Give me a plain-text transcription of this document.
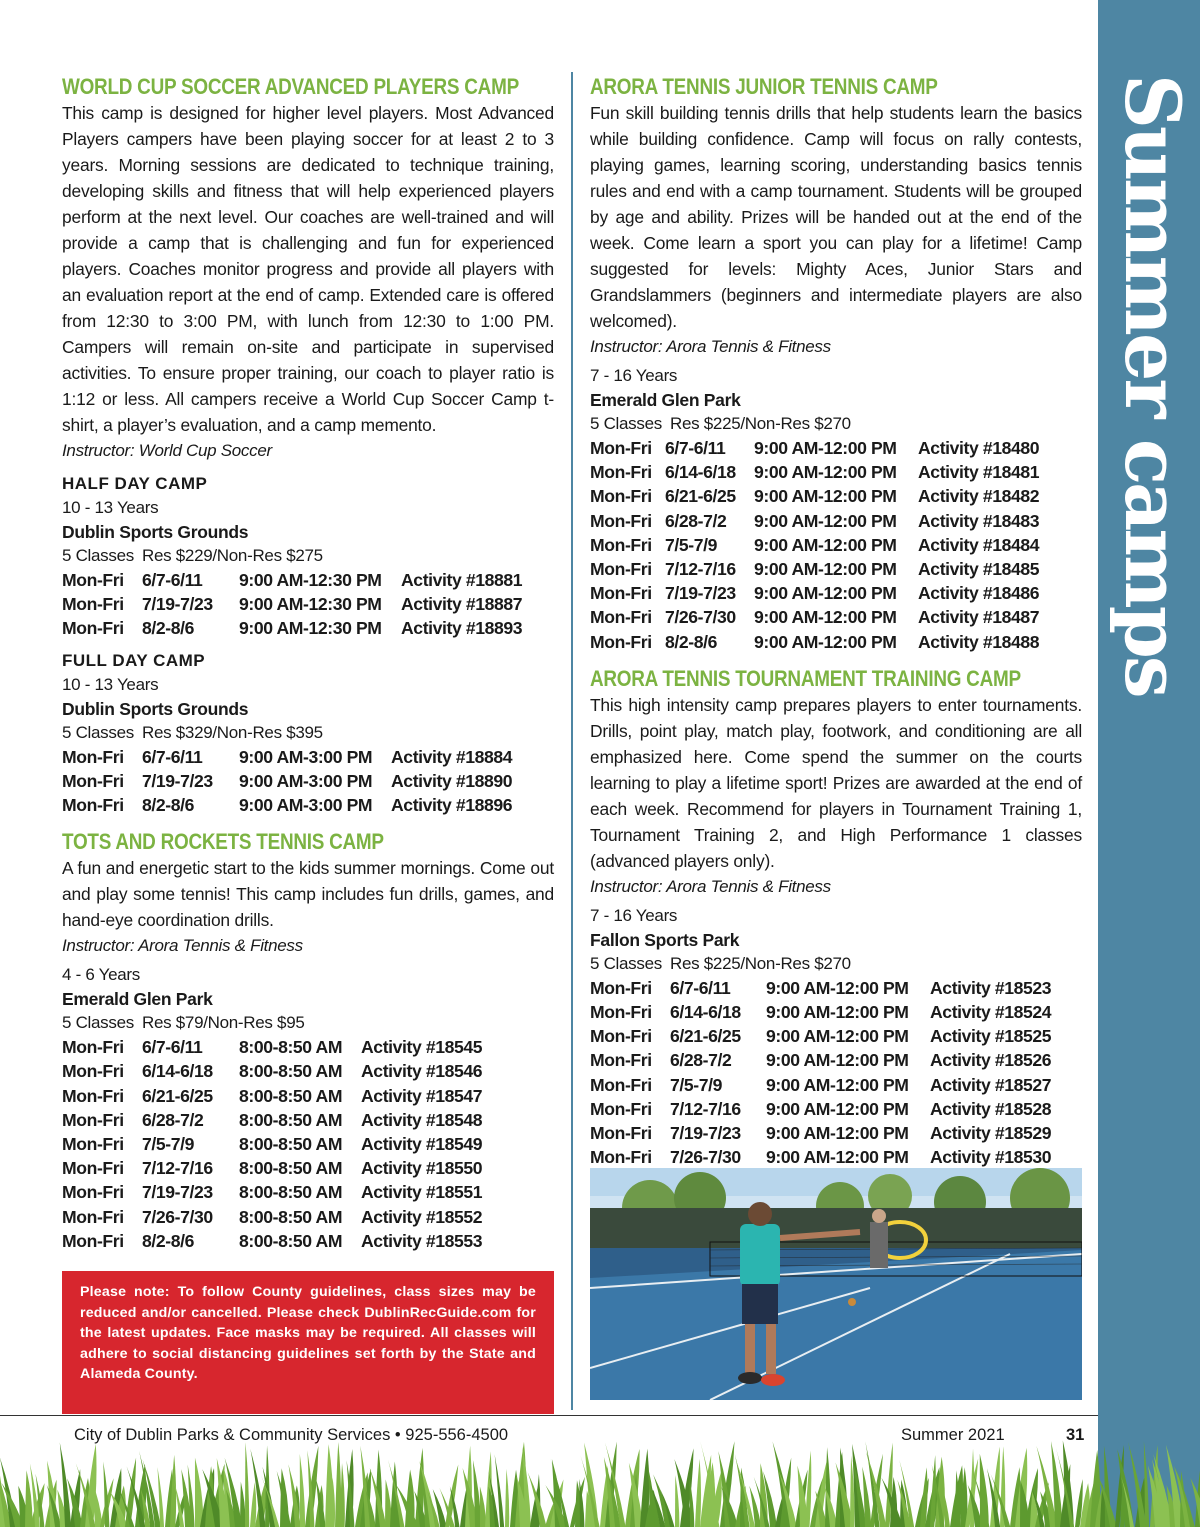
Summer camps
WORLD CUP SOCCER ADVANCED PLAYERS CAMP

This camp is designed for higher level players. Most Advanced Players campers have been playing soccer for at least 2 to 3 years. Morning sessions are dedicated to technique training, developing skills and fitness that will help experienced players perform at the next level. Our coaches are well-trained and will provide a camp that is challenging and fun for experienced players. Coaches monitor progress and provide all players with an evaluation report at the end of camp. Extended care is offered from 12:30 to 3:00 PM, with lunch from 12:30 to 1:00 PM. Campers will remain on-site and participate in supervised activities. To ensure proper training, our coach to player ratio is 1:12 or less. All campers receive a World Cup Soccer Camp t-shirt, a player’s evaluation, and a camp memento.

Instructor: World Cup Soccer

HALF DAY CAMP
10 - 13 Years
Dublin Sports Grounds
5 Classes Res $229/Non-Res $275
Mon-Fri 6/7-6/11 9:00 AM-12:30 PM Activity #18881
Mon-Fri 7/19-7/23 9:00 AM-12:30 PM Activity #18887
Mon-Fri 8/2-8/6	9:00 AM-12:30 PM Activity #18893
FULL DAY CAMP
10 - 13 Years
Dublin Sports Grounds
5 Classes Res $329/Non-Res $395
Mon-Fri 6/7-6/11 9:00 AM-3:00 PM Activity #18884
Mon-Fri 7/19-7/23 9:00 AM-3:00 PM Activity #18890
Mon-Fri 8/2-8/6	9:00 AM-3:00 PM Activity #18896
TOTS AND ROCKETS TENNIS CAMP

A fun and energetic start to the kids summer mornings. Come out and play some tennis! This camp includes fun drills, games, and hand-eye coordination drills.

Instructor: Arora Tennis & Fitness

4 - 6 Years
Emerald Glen Park
5 Classes Res $79/Non-Res $95
Mon-Fri 6/7-6/11 8:00-8:50 AM Activity #18545
Mon-Fri 6/14-6/18 8:00-8:50 AM Activity #18546
Mon-Fri 6/21-6/25 8:00-8:50 AM Activity #18547
Mon-Fri 6/28-7/2 8:00-8:50 AM Activity #18548
Mon-Fri 7/5-7/9	8:00-8:50 AM Activity #18549
Mon-Fri 7/12-7/16 8:00-8:50 AM Activity #18550
Mon-Fri 7/19-7/23 8:00-8:50 AM Activity #18551
Mon-Fri 7/26-7/30 8:00-8:50 AM Activity #18552
Mon-Fri 8/2-8/6	8:00-8:50 AM Activity #18553
Please note: To follow County guidelines, class sizes may be reduced and/or cancelled. Please check DublinRecGuide.com for the latest updates. Face masks may be required. All classes will adhere to social distancing guidelines set forth by the State and Alameda County.
ARORA TENNIS JUNIOR TENNIS CAMP

Fun skill building tennis drills that help students learn the basics while building confidence. Camp will focus on rally contests, playing games, learning scoring, understanding basics tennis rules and end with a camp tournament. Students will be grouped by age and ability. Prizes will be handed out at the end of the week. Come learn a sport you can play for a lifetime! Camp suggested for levels: Mighty Aces, Junior Stars and Grandslammers (beginners and intermediate players are also welcomed).

Instructor: Arora Tennis & Fitness

7 - 16 Years
Emerald Glen Park
5 Classes Res $225/Non-Res $270
Mon-Fri 6/7-6/11 9:00 AM-12:00 PM Activity #18480
Mon-Fri 6/14-6/18 9:00 AM-12:00 PM Activity #18481
Mon-Fri 6/21-6/25 9:00 AM-12:00 PM Activity #18482
Mon-Fri 6/28-7/2 9:00 AM-12:00 PM Activity #18483
Mon-Fri 7/5-7/9 9:00 AM-12:00 PM Activity #18484
Mon-Fri 7/12-7/16 9:00 AM-12:00 PM Activity #18485
Mon-Fri 7/19-7/23 9:00 AM-12:00 PM Activity #18486
Mon-Fri 7/26-7/30 9:00 AM-12:00 PM Activity #18487
Mon-Fri 8/2-8/6 9:00 AM-12:00 PM Activity #18488
ARORA TENNIS TOURNAMENT TRAINING CAMP

This high intensity camp prepares players to enter tournaments. Drills, point play, match play, footwork, and conditioning are all emphasized here. Come spend the summer on the courts learning to play a lifetime sport! Prizes are awarded at the end of each week. Recommend for players in Tournament Training 1, Tournament Training 2, and High Performance 1 classes (advanced players only).

Instructor: Arora Tennis & Fitness

7 - 16 Years
Fallon Sports Park
5 Classes Res $225/Non-Res $270
Mon-Fri 6/7-6/11 9:00 AM-12:00 PM Activity #18523
Mon-Fri 6/14-6/18 9:00 AM-12:00 PM Activity #18524
Mon-Fri 6/21-6/25 9:00 AM-12:00 PM Activity #18525
Mon-Fri 6/28-7/2 9:00 AM-12:00 PM Activity #18526
Mon-Fri 7/5-7/9	9:00 AM-12:00 PM Activity #18527
Mon-Fri 7/12-7/16 9:00 AM-12:00 PM Activity #18528
Mon-Fri 7/19-7/23 9:00 AM-12:00 PM Activity #18529
Mon-Fri 7/26-7/30 9:00 AM-12:00 PM Activity #18530
City of Dublin Parks & Community Services • 925-556-4500	Summer 2021	31
